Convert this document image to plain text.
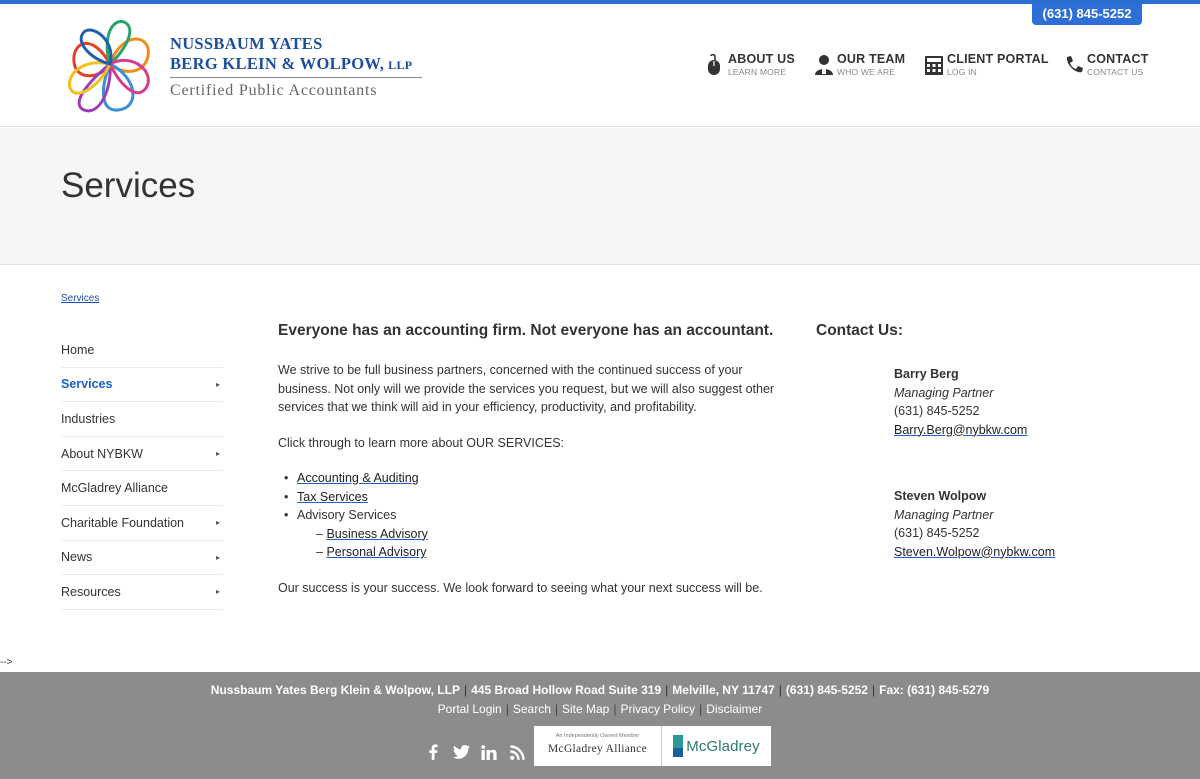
NUSSBAUM YATES
BERG KLEIN & WOLPOW, LLP
Certified Public Accountants
ABOUT US
LEARN MORE
OUR TEAM
WHO WE ARE
CLIENT PORTAL
LOG IN
CONTACT
CONTACT US
(631) 845-5252
Services
Services
Home
Services	▸
Industries
About NYBKW	▸
McGladrey Alliance
Charitable Foundation	▸
News	▸
Resources	▸
Everyone has an accounting firm. Not everyone has an accountant.

We strive to be full business partners, concerned with the continued success of your business. Not only will we provide the services you request, but we will also suggest other services that we think will aid in your efficiency, productivity, and profitability.

Click through to learn more about OUR SERVICES:

• Accounting & Auditing
• Tax Services
• Advisory Services
– Business Advisory
– Personal Advisory

Our success is your success. We look forward to seeing what your next success will be.

Contact Us:
Barry Berg
Managing Partner
(631) 845-5252
Barry.Berg@nybkw.com
Steven Wolpow
Managing Partner
(631) 845-5252
Steven.Wolpow@nybkw.com
-->
Nussbaum Yates Berg Klein & Wolpow, LLP | 445 Broad Hollow Road Suite 319 | Melville, NY 11747 | (631) 845-5252 | Fax: (631) 845-5279
Portal Login | Search | Site Map | Privacy Policy | Disclaimer
An Independently Owned Member
McGladrey Alliance	McGladrey
